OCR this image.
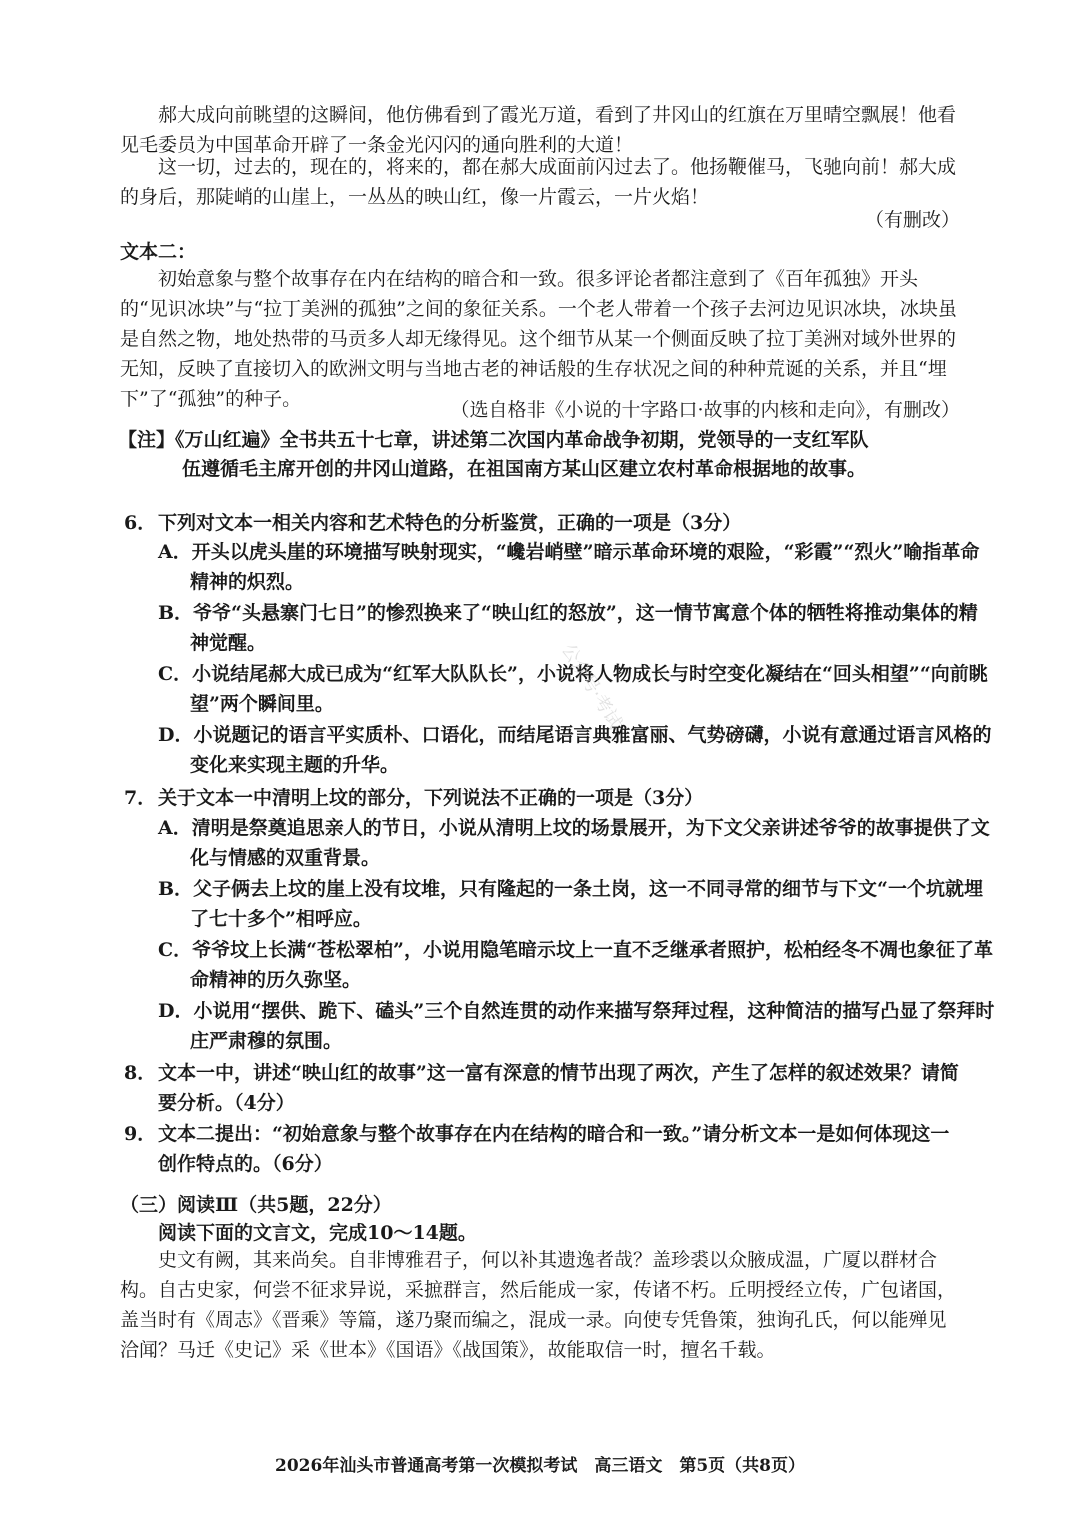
郝大成向前眺望的这瞬间，他仿佛看到了霞光万道，看到了井冈山的红旗在万里晴空飘展！他看见毛委员为中国革命开辟了一条金光闪闪的通向胜利的大道！

这一切，过去的，现在的，将来的，都在郝大成面前闪过去了。他扬鞭催马，飞驰向前！郝大成的身后，那陡峭的山崖上，一丛丛的映山红，像一片霞云，一片火焰！

（有删改）

文本二：

初始意象与整个故事存在内在结构的暗合和一致。很多评论者都注意到了《百年孤独》开头的“见识冰块”与“拉丁美洲的孤独”之间的象征关系。一个老人带着一个孩子去河边见识冰块，冰块虽是自然之物，地处热带的马贡多人却无缘得见。这个细节从某一个侧面反映了拉丁美洲对域外世界的无知，反映了直接切入的欧洲文明与当地古老的神话般的生存状况之间的种种荒诞的关系，并且“埋下”了“孤独”的种子。	（选自格非《小说的十字路口·故事的内核和走向》，有删改）

【注】《万山红遍》全书共五十七章，讲述第二次国内革命战争初期，党领导的一支红军队
伍遵循毛主席开创的井冈山道路，在祖国南方某山区建立农村革命根据地的故事。
6．下列对文本一相关内容和艺术特色的分析鉴赏，正确的一项是（3分）
A．开头以虎头崖的环境描写映射现实，“巉岩峭壁”暗示革命环境的艰险，“彩霞”“烈火”喻指革命精神的炽烈。
B．爷爷“头悬寨门七日”的惨烈换来了“映山红的怒放”，这一情节寓意个体的牺牲将推动集体的精神觉醒。
C．小说结尾郝大成已成为“红军大队队长”，小说将人物成长与时空变化凝结在“回头相望”“向前眺望”两个瞬间里。
D．小说题记的语言平实质朴、口语化，而结尾语言典雅富丽、气势磅礴，小说有意通过语言风格的变化来实现主题的升华。
7．关于文本一中清明上坟的部分，下列说法不正确的一项是（3分）
A．清明是祭奠追思亲人的节日，小说从清明上坟的场景展开，为下文父亲讲述爷爷的故事提供了文化与情感的双重背景。
B．父子俩去上坟的崖上没有坟堆，只有隆起的一条土岗，这一不同寻常的细节与下文“一个坑就埋了七十多个”相呼应。
C．爷爷坟上长满“苍松翠柏”，小说用隐笔暗示坟上一直不乏继承者照护，松柏经冬不凋也象征了革命精神的历久弥坚。
D．小说用“摆供、跪下、磕头”三个自然连贯的动作来描写祭拜过程，这种简洁的描写凸显了祭拜时庄严肃穆的氛围。
8．文本一中，讲述“映山红的故事”这一富有深意的情节出现了两次，产生了怎样的叙述效果？请简要分析。（4分）
9．文本二提出：“初始意象与整个故事存在内在结构的暗合和一致。”请分析文本一是如何体现这一创作特点的。（6分）
（三）阅读Ⅲ（共5题，22分）
阅读下面的文言文，完成10～14题。

史文有阙，其来尚矣。自非博雅君子，何以补其遗逸者哉？盖珍裘以众腋成温，广厦以群材合构。自古史家，何尝不征求异说，采摭群言，然后能成一家，传诸不朽。丘明授经立传，广包诸国，盖当时有《周志》《晋乘》等篇，遂乃聚而编之，混成一录。向使专凭鲁策，独询孔氏，何以能殚见洽闻？马迁《史记》采《世本》《国语》《战国策》，故能取信一时，擅名千载。

公众号·考试
2026年汕头市普通高考第一次模拟考试　高三语文　第5页（共8页）
